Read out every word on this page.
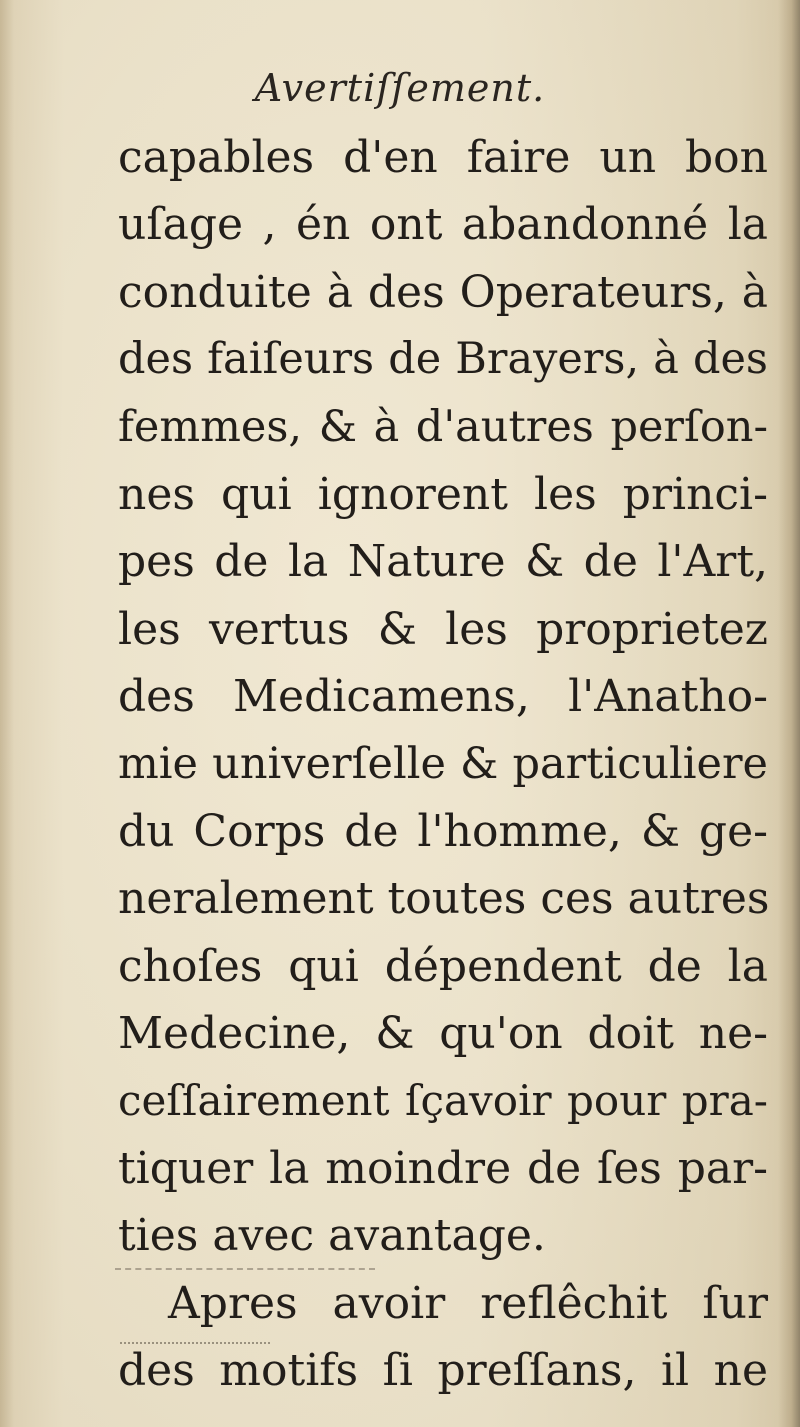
Avertiſſement.
capables d'en faire un bon
uſage , én ont abandonné la
conduite à des Operateurs, à
des faiſeurs de Brayers, à des
femmes, & à d'autres perſon-
nes qui ignorent les princi-
pes de la Nature & de l'Art,
les vertus & les proprietez
des Medicamens, l'Anatho-
mie univerſelle & particuliere
du Corps de l'homme, & ge-
neralement toutes ces autres
choſes qui dépendent de la
Medecine, & qu'on doit ne-
ceſſairement ſçavoir pour pra-
tiquer la moindre de ſes par-
ties avec avantage.
Apres avoir reflêchit ſur
des motifs ſi preſſans, il ne
